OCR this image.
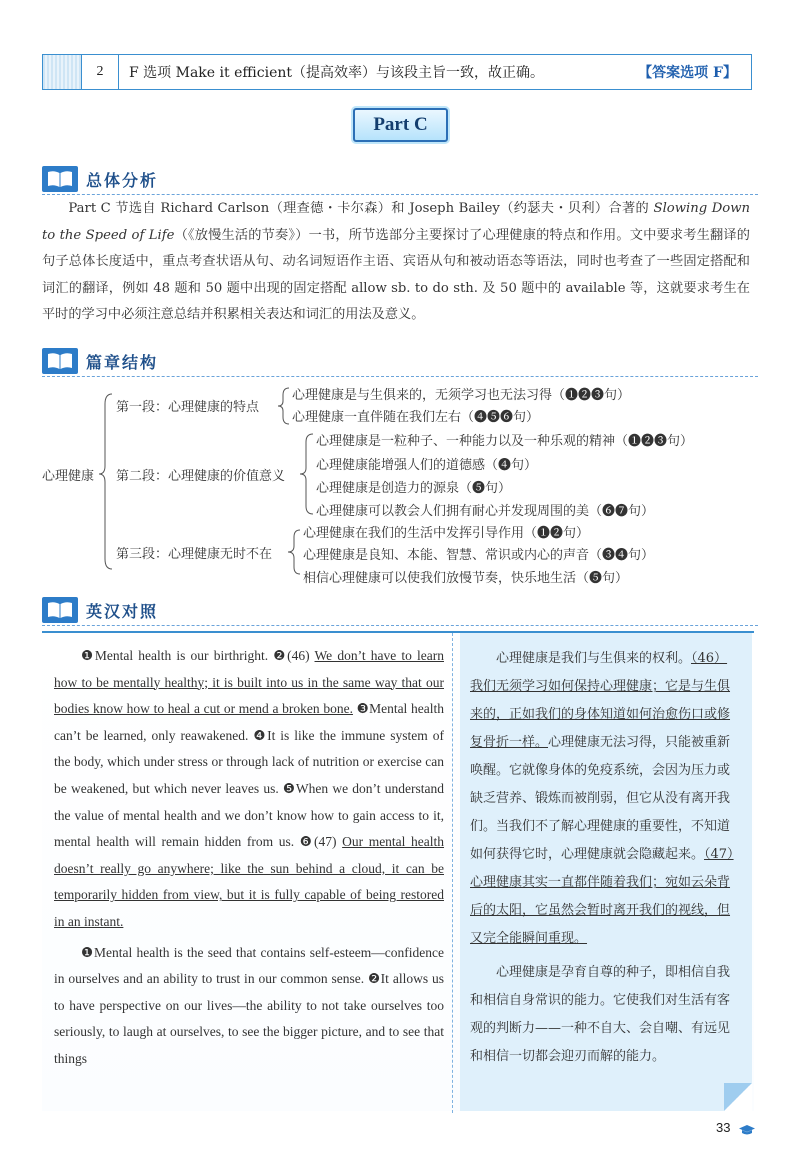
2	F 选项 Make it efficient（提高效率）与该段主旨一致，故正确。	【答案选项 F】
Part C
总体分析

Part C 节选自 Richard Carlson（理查德・卡尔森）和 Joseph Bailey（约瑟夫・贝利）合著的 Slowing Down to the Speed of Life（《放慢生活的节奏》）一书，所节选部分主要探讨了心理健康的特点和作用。文中要求考生翻译的句子总体长度适中，重点考查状语从句、动名词短语作主语、宾语从句和被动语态等语法，同时也考查了一些固定搭配和词汇的翻译，例如 48 题和 50 题中出现的固定搭配 allow sb. to do sth. 及 50 题中的 available 等，这就要求考生在平时的学习中必须注意总结并积累相关表达和词汇的用法及意义。

篇章结构
心理健康
第一段：心理健康的特点
心理健康是与生俱来的，无须学习也无法习得（❶❷❸句）
心理健康一直伴随在我们左右（❹❺❻句）
第二段：心理健康的价值意义
心理健康是一粒种子、一种能力以及一种乐观的精神（❶❷❸句）
心理健康能增强人们的道德感（❹句）
心理健康是创造力的源泉（❺句）
心理健康可以教会人们拥有耐心并发现周围的美（❻❼句）
第三段：心理健康无时不在
心理健康在我们的生活中发挥引导作用（❶❷句）
心理健康是良知、本能、智慧、常识或内心的声音（❸❹句）
相信心理健康可以使我们放慢节奏，快乐地生活（❺句）
英汉对照

❶Mental health is our birthright. ❷(46) We don’t have to learn how to be mentally healthy; it is built into us in the same way that our bodies know how to heal a cut or mend a broken bone. ❸Mental health can’t be learned, only reawakened. ❹It is like the immune system of the body, which under stress or through lack of nutrition or exercise can be weakened, but which never leaves us. ❺When we don’t understand the value of mental health and we don’t know how to gain access to it, mental health will remain hidden from us. ❻(47) Our mental health doesn’t really go anywhere; like the sun behind a cloud, it can be temporarily hidden from view, but it is fully capable of being restored in an instant.

❶Mental health is the seed that contains self-esteem—confidence in ourselves and an ability to trust in our common sense. ❷It allows us to have perspective on our lives—the ability to not take ourselves too seriously, to laugh at ourselves, to see the bigger picture, and to see that things

心理健康是我们与生俱来的权利。（46）我们无须学习如何保持心理健康；它是与生俱来的，正如我们的身体知道如何治愈伤口或修复骨折一样。心理健康无法习得，只能被重新唤醒。它就像身体的免疫系统，会因为压力或缺乏营养、锻炼而被削弱，但它从没有离开我们。当我们不了解心理健康的重要性，不知道如何获得它时，心理健康就会隐藏起来。（47）心理健康其实一直都伴随着我们；宛如云朵背后的太阳，它虽然会暂时离开我们的视线，但又完全能瞬间重现。

心理健康是孕育自尊的种子，即相信自我和相信自身常识的能力。它使我们对生活有客观的判断力——一种不自大、会自嘲、有远见和相信一切都会迎刃而解的能力。

33
